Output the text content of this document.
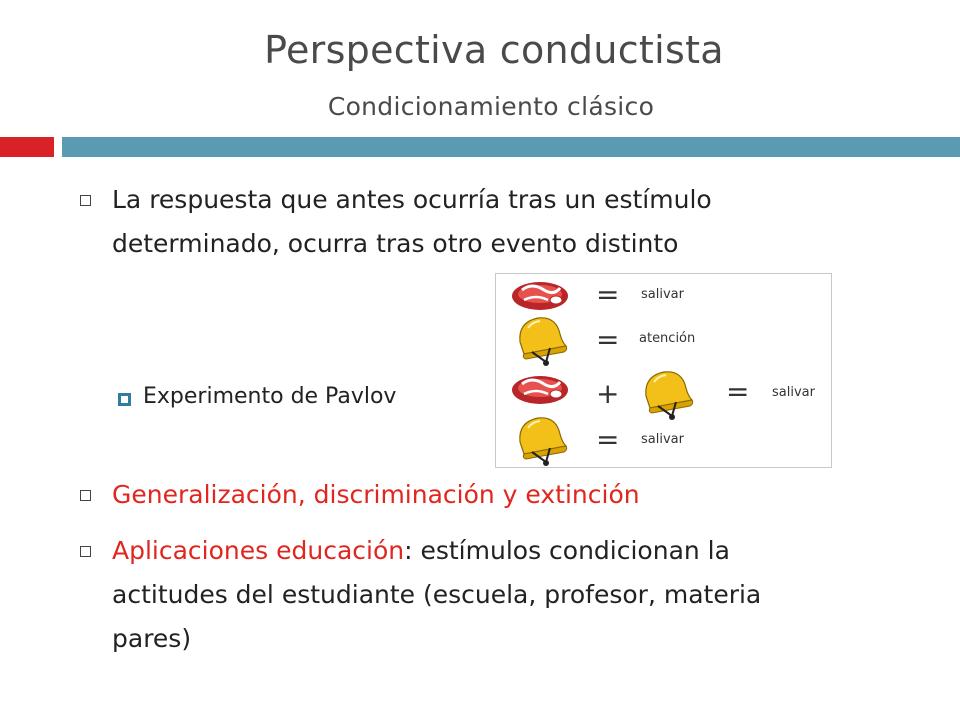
Perspectiva conductista
Condicionamiento clásico
La respuesta que antes ocurría tras un estímulo
determinado, ocurra tras otro evento distinto
Experimento de Pavlov
= salivar
= atención
+	= salivar
= salivar
Generalización, discriminación y extinción
Aplicaciones educación: estímulos condicionan la
actitudes del estudiante (escuela, profesor, materia
pares)
